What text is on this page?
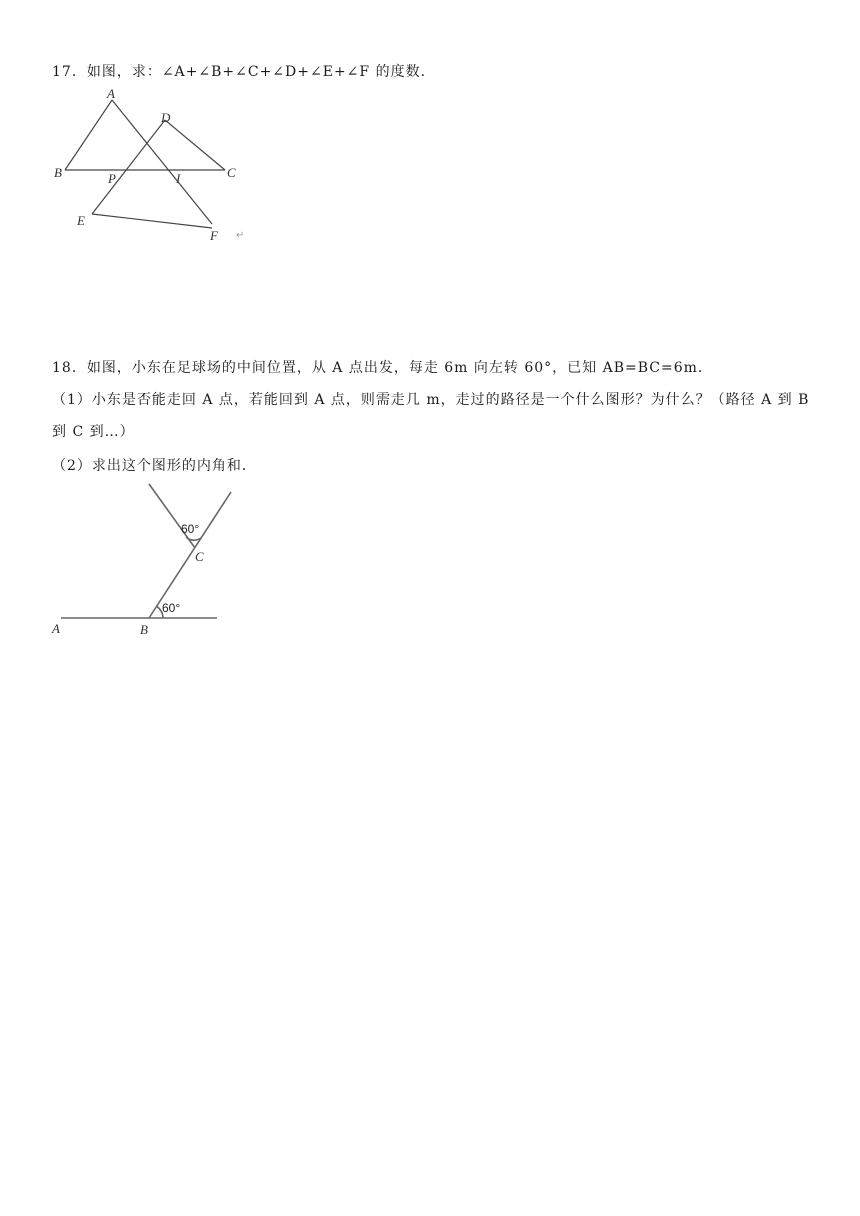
17．如图，求：∠A+∠B+∠C+∠D+∠E+∠F 的度数．
A
D
B	P	I	C
E
F ↵
18．如图，小东在足球场的中间位置，从 A 点出发，每走 6m 向左转 60°，已知 AB=BC=6m．
（1）小东是否能走回 A 点，若能回到 A 点，则需走几 m，走过的路径是一个什么图形？为什么？（路径 A 到 B
到 C 到…）
（2）求出这个图形的内角和．
60°
60°
C
A	B
